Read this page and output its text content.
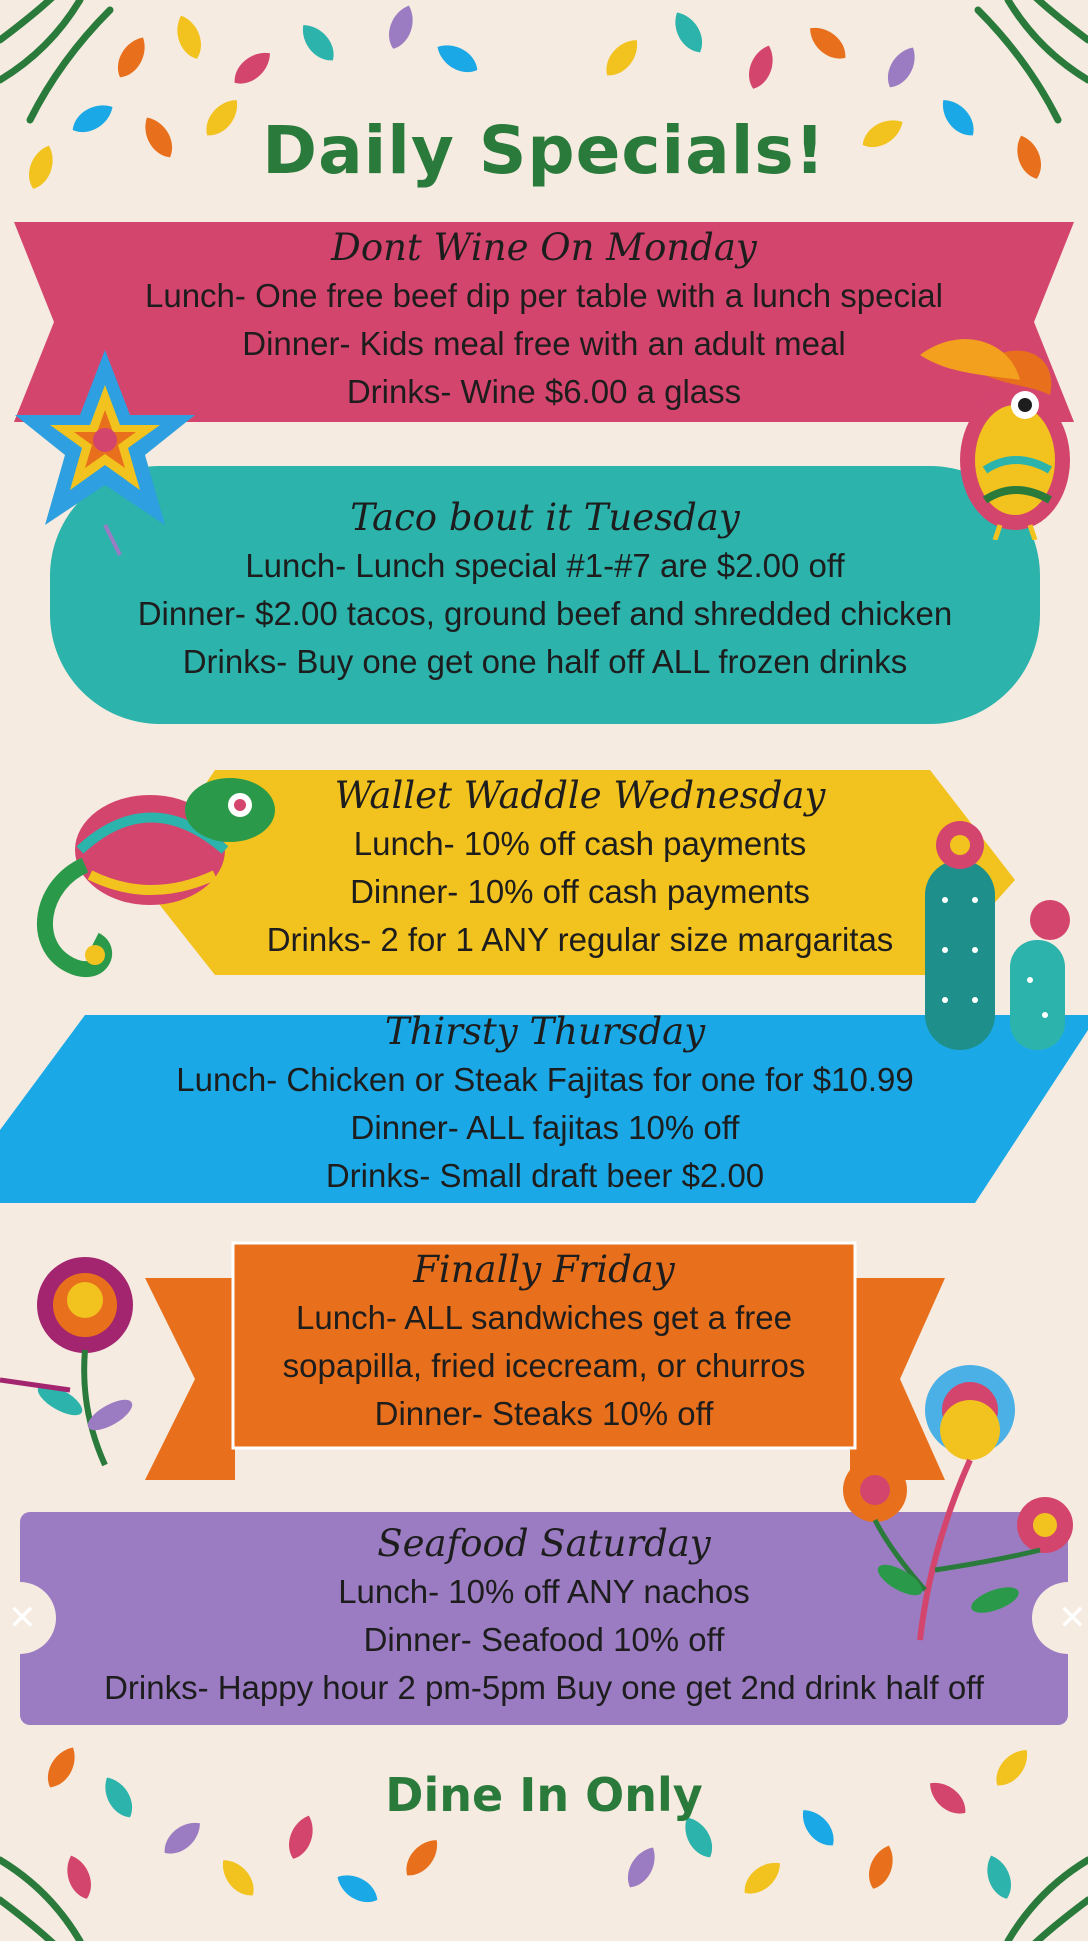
✕	✕
Daily Specials!
Dont Wine On Monday
Lunch- One free beef dip per table with a lunch special
Dinner- Kids meal free with an adult meal
Drinks- Wine $6.00 a glass
Taco bout it Tuesday
Lunch- Lunch special #1-#7 are $2.00 off
Dinner- $2.00 tacos, ground beef and shredded chicken
Drinks- Buy one get one half off ALL frozen drinks
Wallet Waddle Wednesday
Lunch- 10% off cash payments
Dinner- 10% off cash payments
Drinks- 2 for 1 ANY regular size margaritas
Thirsty Thursday
Lunch- Chicken or Steak Fajitas for one for $10.99
Dinner- ALL fajitas 10% off
Drinks- Small draft beer $2.00
Finally Friday
Lunch- ALL sandwiches get a free
sopapilla, fried icecream, or churros
Dinner- Steaks 10% off
Seafood Saturday
Lunch- 10% off ANY nachos
Dinner- Seafood 10% off
Drinks- Happy hour 2 pm-5pm Buy one get 2nd drink half off
Dine In Only
